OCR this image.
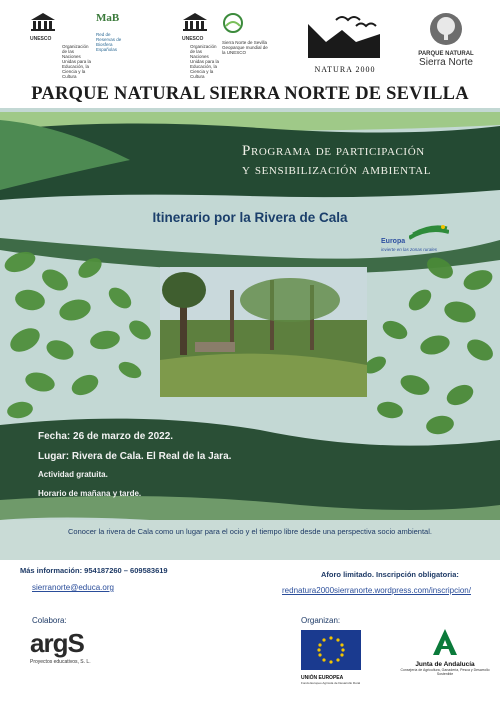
UNESCO
Organización de las Naciones Unidas para la Educación, la Ciencia y la Cultura
MaB
Red de Reservas de Biosfera Españolas
UNESCO
Organización de las Naciones Unidas para la Educación, la Ciencia y la Cultura
Sierra Norte de Sevilla Geoparque mundial de la UNESCO
NATURA 2000
PARQUE NATURAL
Sierra Norte
PARQUE NATURAL SIERRA NORTE DE SEVILLA
Programa de participación
y sensibilización ambiental
Itinerario por la Rivera de Cala
Europa
invierte en las zonas rurales
Fecha: 26 de marzo de 2022.
Lugar: Rivera de Cala. El Real de la Jara.
Actividad gratuita.
Horario de mañana y tarde.
Conocer la rivera de Cala como un lugar para el ocio y el tiempo libre desde una perspectiva socio ambiental.
Más información: 954187260 – 609583619
sierranorte@educa.org
Aforo limitado. Inscripción obligatoria:
rednatura2000sierranorte.wordpress.com/inscripcion/
Colabora:
argS
Proyectos educativos, S. L.
Organizan:
UNIÓN EUROPEA
Fondo Europeo Agrícola de Desarrollo Rural
Junta de Andalucía
Consejería de Agricultura, Ganadería, Pesca y Desarrollo Sostenible
